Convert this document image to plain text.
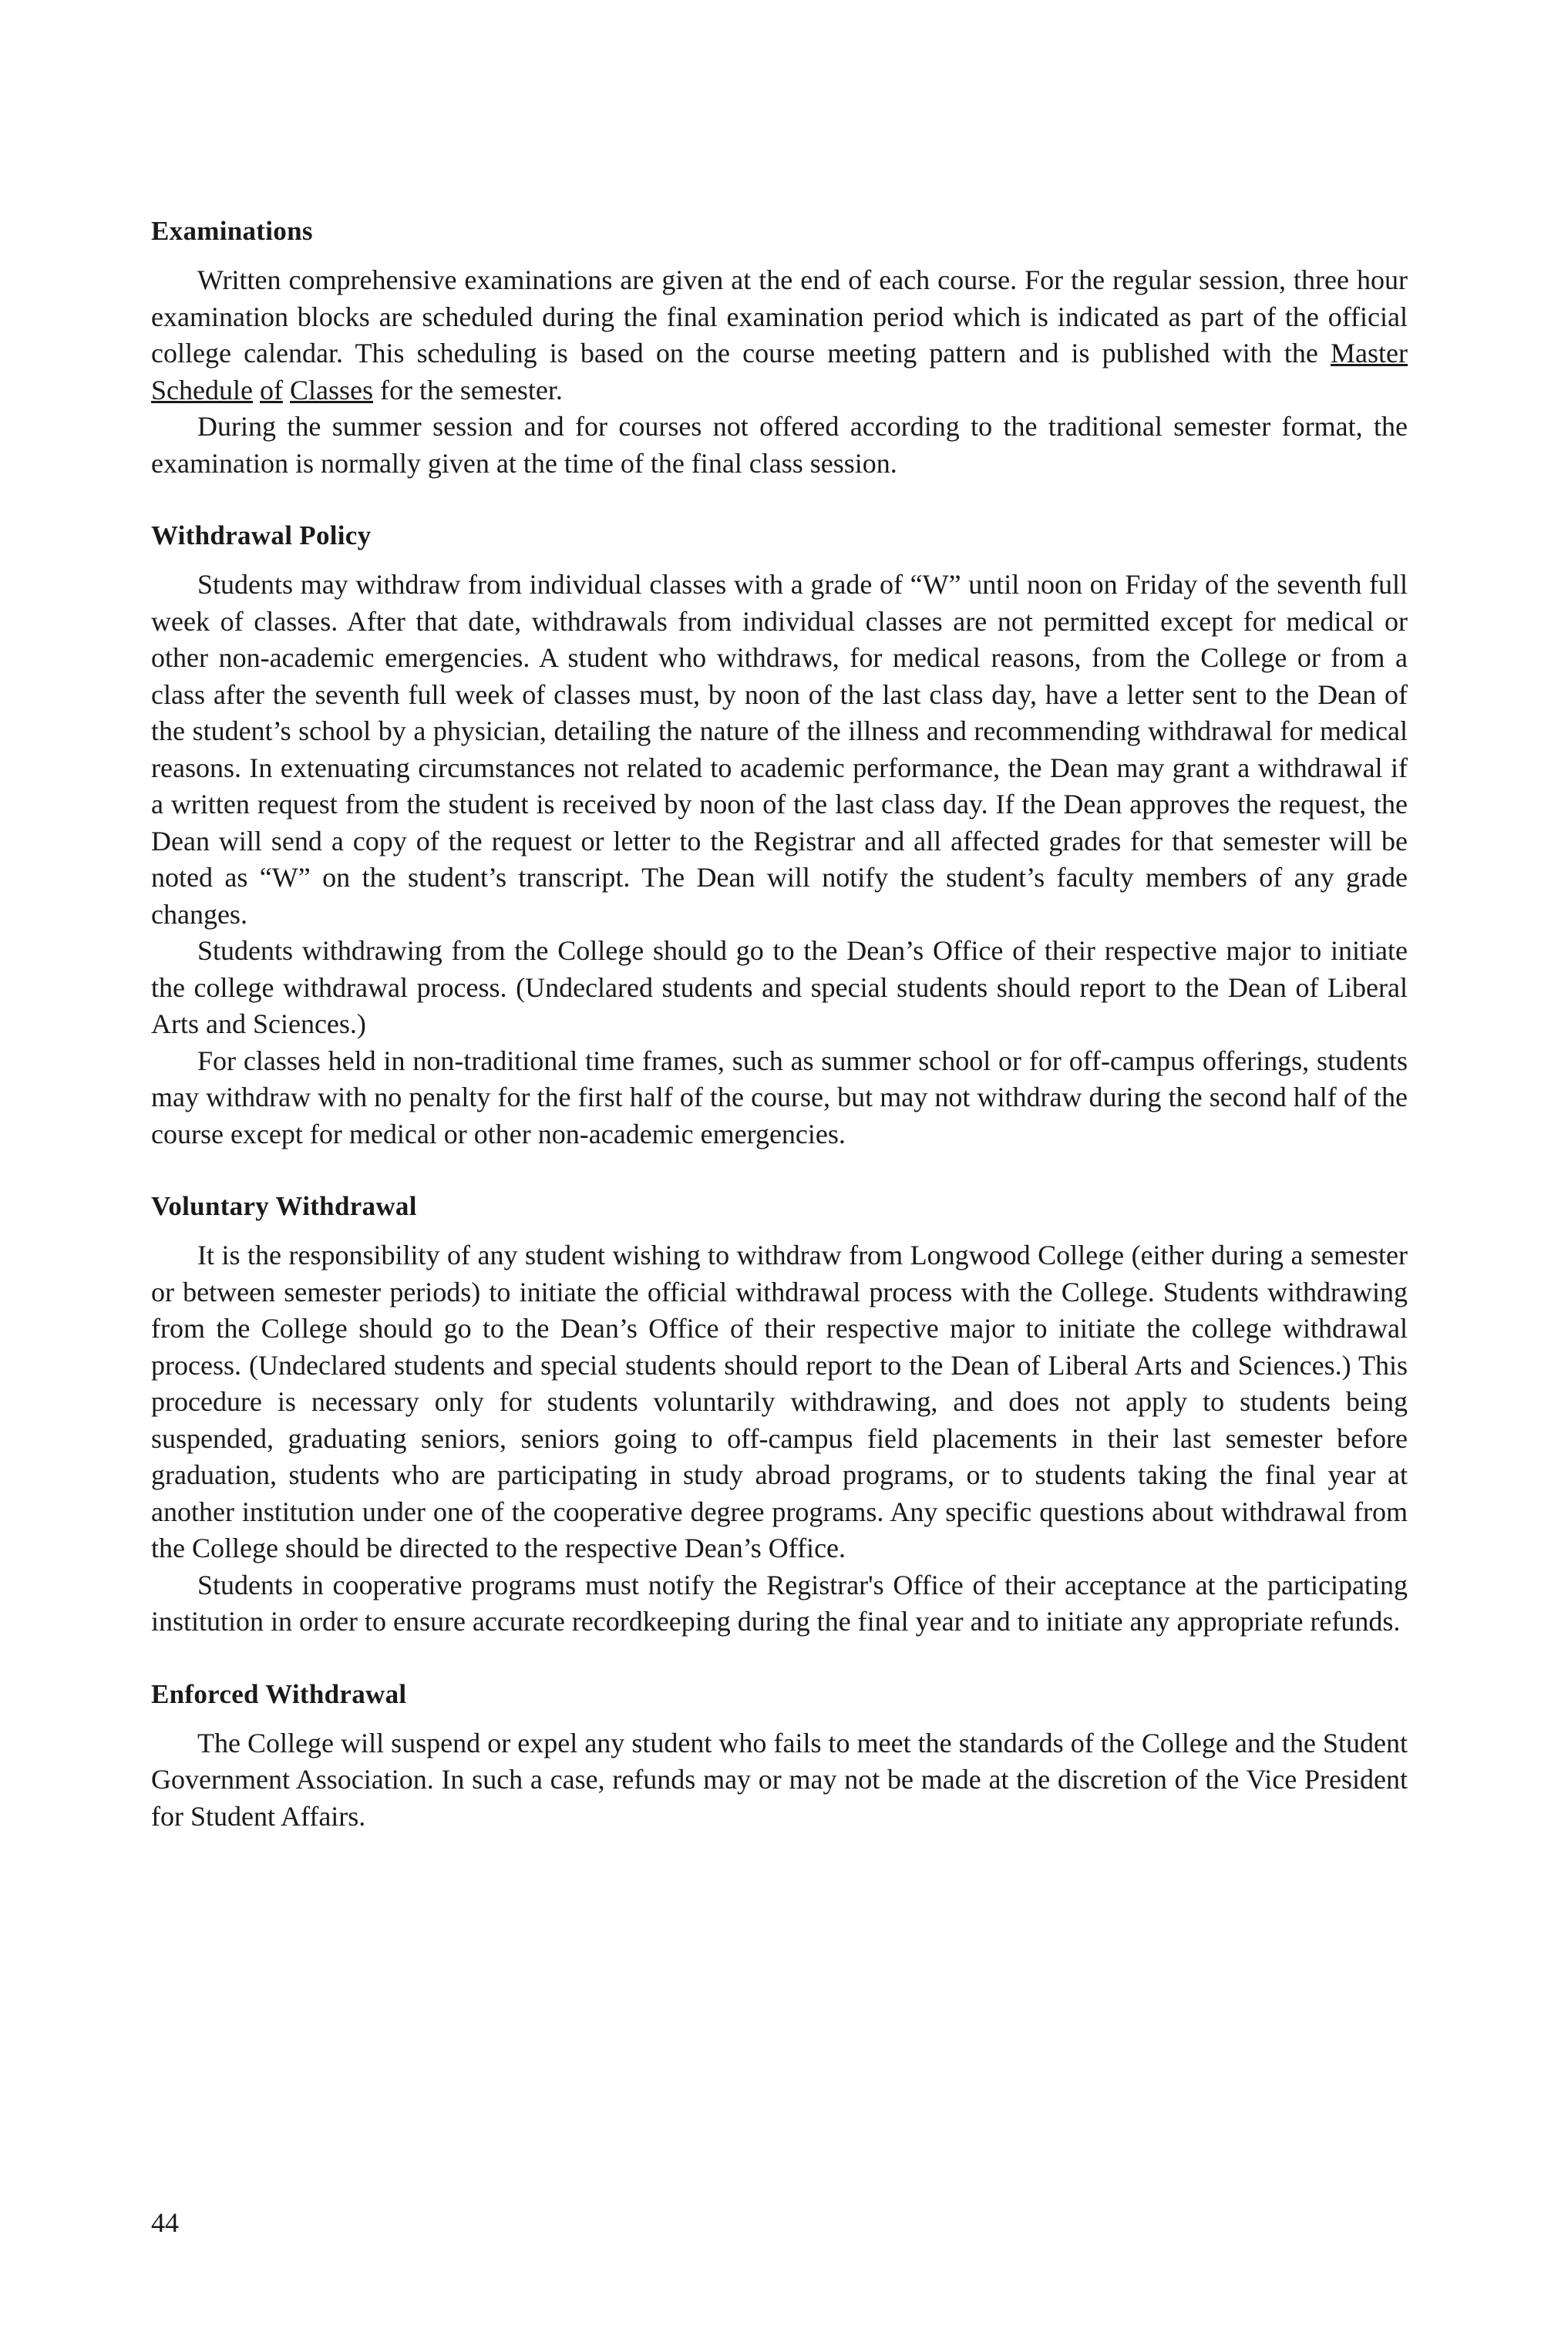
Examinations

Written comprehensive examinations are given at the end of each course. For the regular session, three hour examination blocks are scheduled during the final examination period which is indicated as part of the official college calendar. This scheduling is based on the course meeting pattern and is published with the Master Schedule of Classes for the semester.

During the summer session and for courses not offered according to the traditional semester format, the examination is normally given at the time of the final class session.

Withdrawal Policy

Students may withdraw from individual classes with a grade of “W” until noon on Friday of the seventh full week of classes. After that date, withdrawals from individual classes are not permitted except for medical or other non-academic emergencies. A student who withdraws, for medical reasons, from the College or from a class after the seventh full week of classes must, by noon of the last class day, have a letter sent to the Dean of the student’s school by a physician, detailing the nature of the illness and recommending withdrawal for medical reasons. In extenuating circumstances not related to academic performance, the Dean may grant a withdrawal if a written request from the student is received by noon of the last class day. If the Dean approves the request, the Dean will send a copy of the request or letter to the Registrar and all affected grades for that semester will be noted as “W” on the student’s transcript. The Dean will notify the student’s faculty members of any grade changes.

Students withdrawing from the College should go to the Dean’s Office of their respective major to initiate the college withdrawal process. (Undeclared students and special students should report to the Dean of Liberal Arts and Sciences.)

For classes held in non-traditional time frames, such as summer school or for off-campus offerings, students may withdraw with no penalty for the first half of the course, but may not withdraw during the second half of the course except for medical or other non-academic emergencies.

Voluntary Withdrawal

It is the responsibility of any student wishing to withdraw from Longwood College (either during a semester or between semester periods) to initiate the official withdrawal process with the College. Students withdrawing from the College should go to the Dean’s Office of their respective major to initiate the college withdrawal process. (Undeclared students and special students should report to the Dean of Liberal Arts and Sciences.) This procedure is necessary only for students voluntarily withdrawing, and does not apply to students being suspended, graduating seniors, seniors going to off-campus field placements in their last semester before graduation, students who are participating in study abroad programs, or to students taking the final year at another institution under one of the cooperative degree programs. Any specific questions about withdrawal from the College should be directed to the respective Dean’s Office.

Students in cooperative programs must notify the Registrar's Office of their acceptance at the participating institution in order to ensure accurate recordkeeping during the final year and to initiate any appropriate refunds.

Enforced Withdrawal

The College will suspend or expel any student who fails to meet the standards of the College and the Student Government Association. In such a case, refunds may or may not be made at the discretion of the Vice President for Student Affairs.

44
